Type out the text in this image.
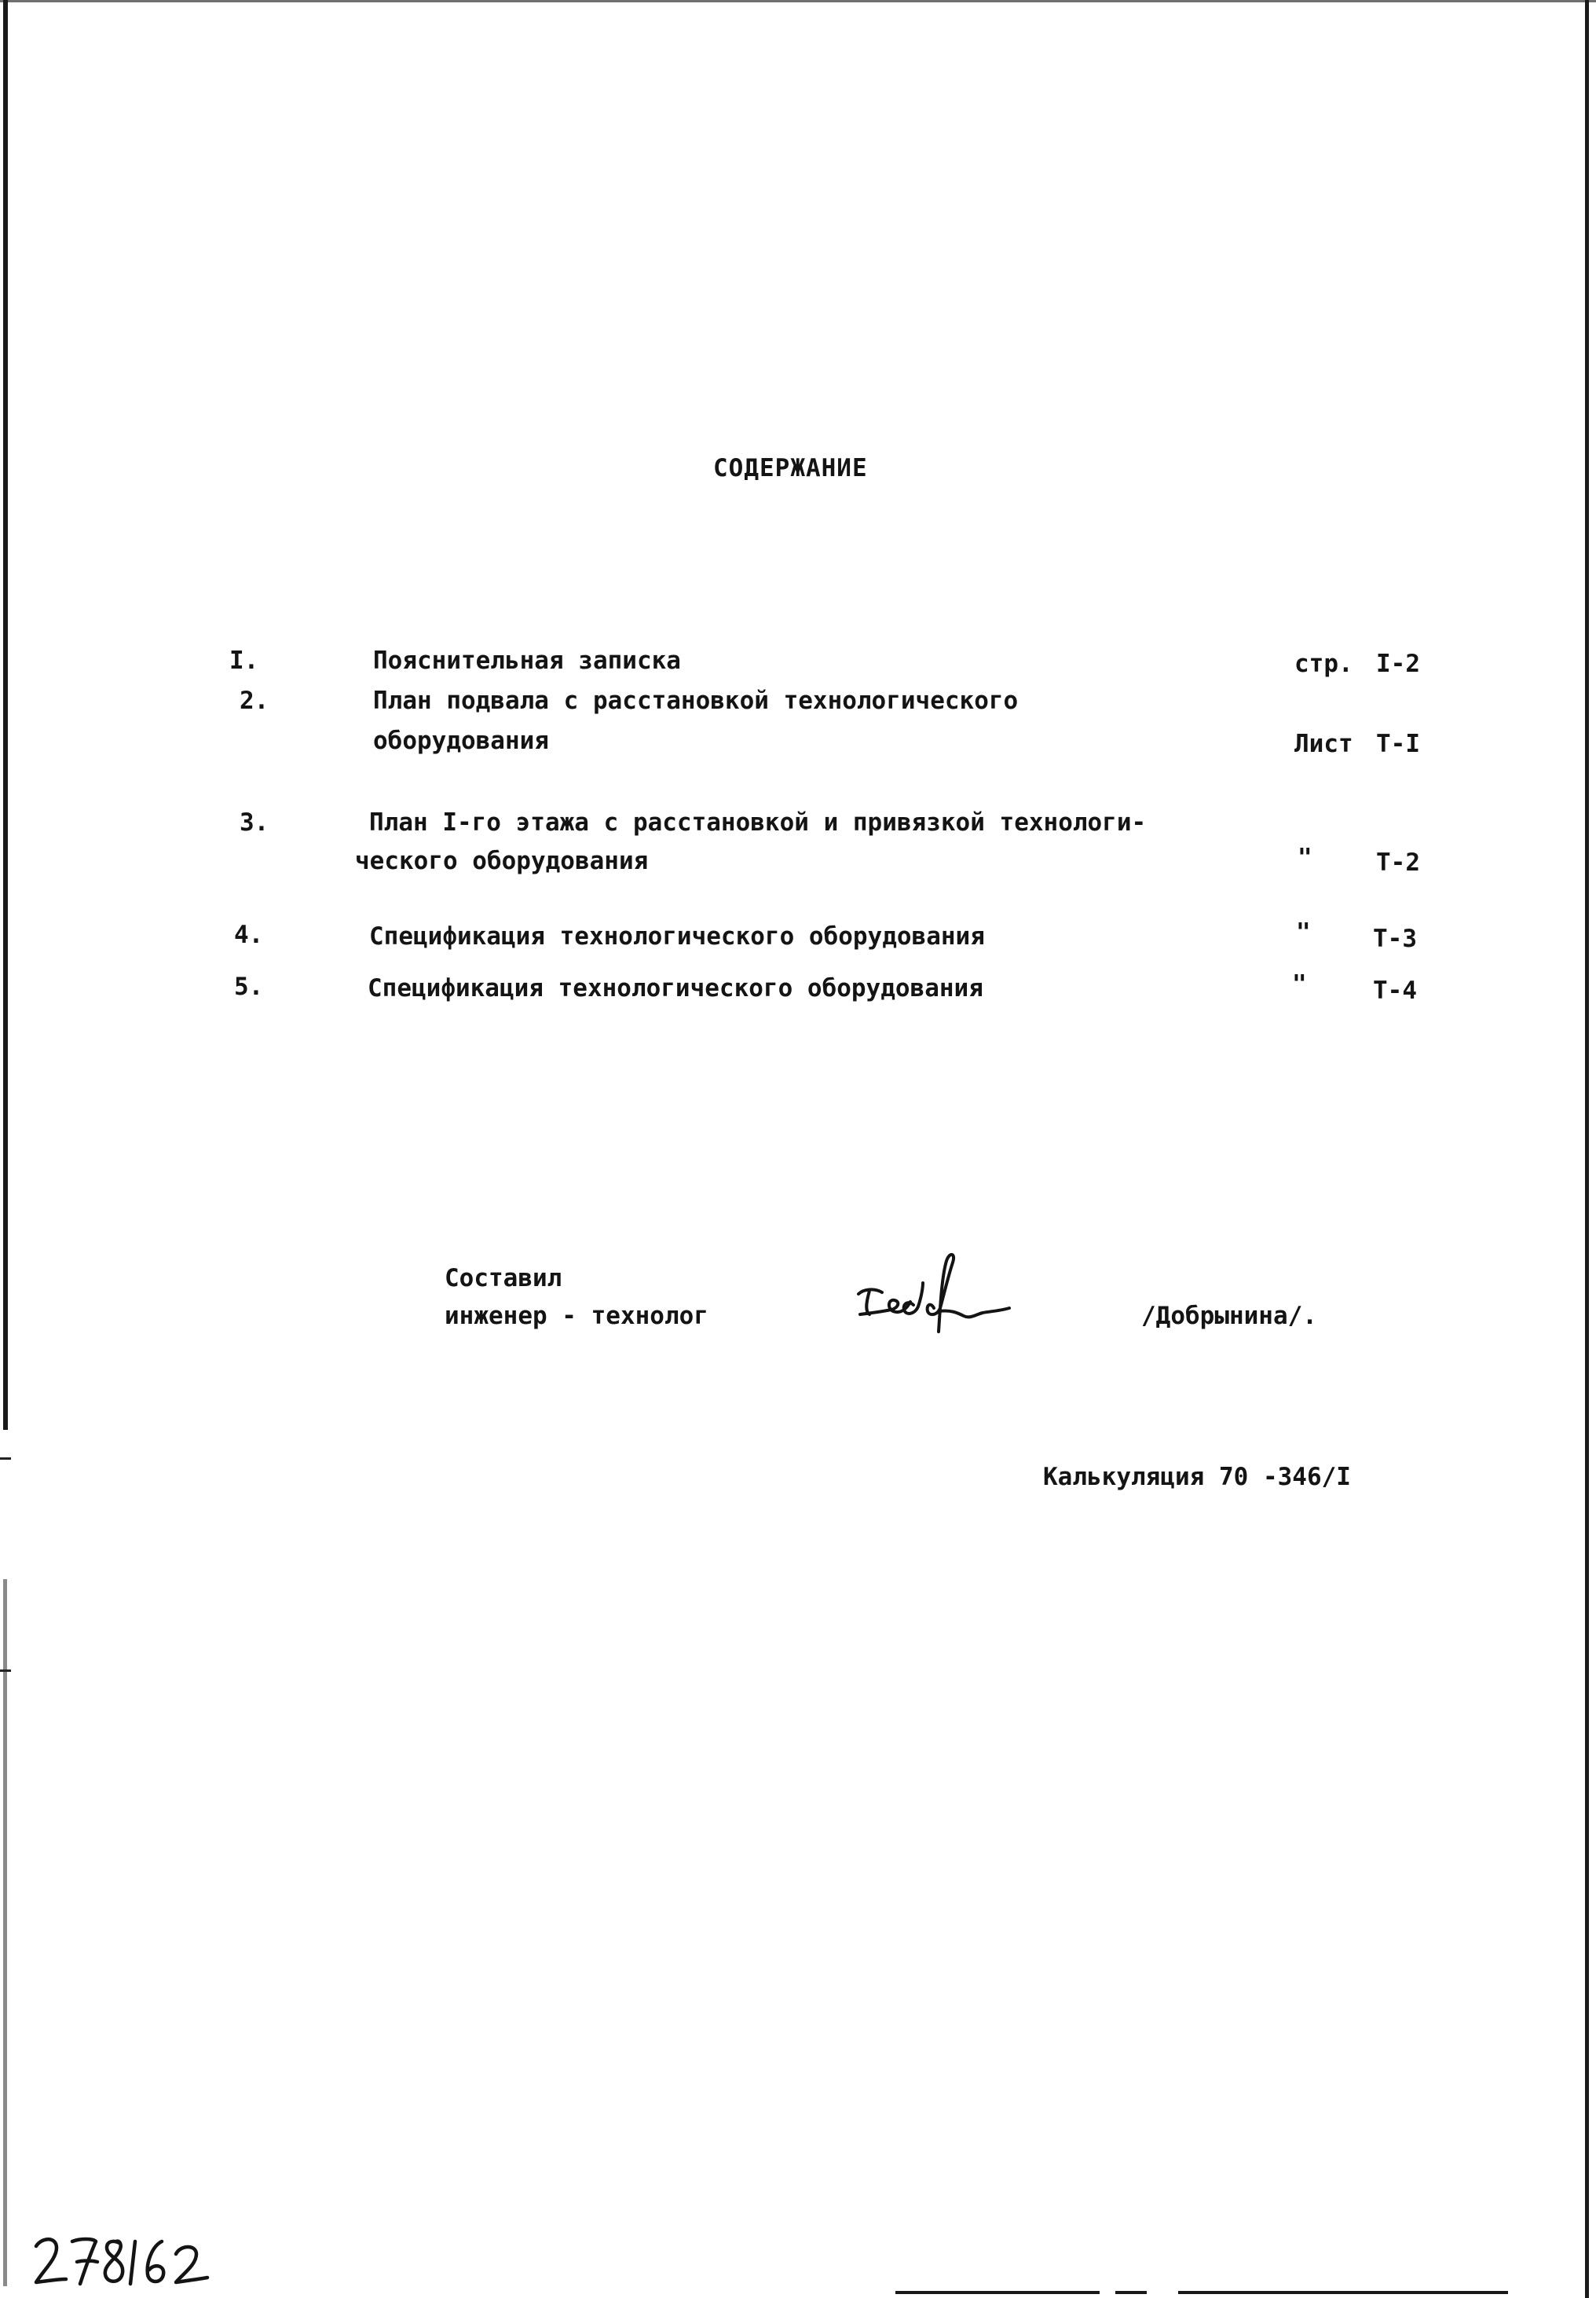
СОДЕРЖАНИЕ
I.	Пояснительная записка	стр. I-2
2.	План подвала с расстановкой технологического
оборудования	Лист Т-I
3.	План I-го этажа с расстановкой и привязкой технологи-
ческого оборудования	"	Т-2
4.	Спецификация технологического оборудования	"	Т-3
5.	Спецификация технологического оборудования	"	Т-4
Составил
инженер - технолог	/Добрынина/.
Калькуляция 70 -346/I
